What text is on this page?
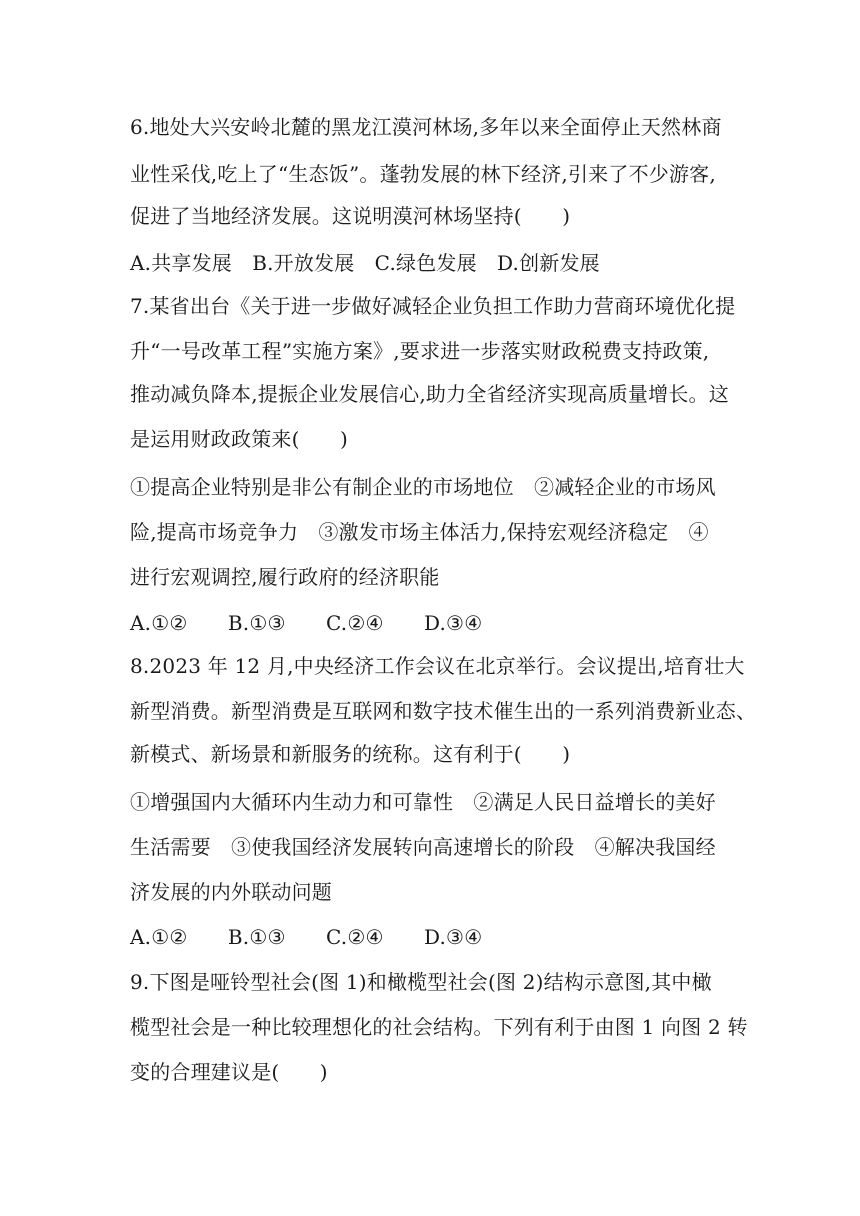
6.地处大兴安岭北麓的黑龙江漠河林场,多年以来全面停止天然林商
业性采伐,吃上了“生态饭”。蓬勃发展的林下经济,引来了不少游客,
促进了当地经济发展。这说明漠河林场坚持(　　)
A.共享发展　B.开放发展　C.绿色发展　D.创新发展
7.某省出台《关于进一步做好减轻企业负担工作助力营商环境优化提
升“一号改革工程”实施方案》,要求进一步落实财政税费支持政策,
推动减负降本,提振企业发展信心,助力全省经济实现高质量增长。这
是运用财政政策来(　　)
①提高企业特别是非公有制企业的市场地位　②减轻企业的市场风
险,提高市场竞争力　③激发市场主体活力,保持宏观经济稳定　④
进行宏观调控,履行政府的经济职能
A.①②　　B.①③　　C.②④　　D.③④
8.2023 年 12 月,中央经济工作会议在北京举行。会议提出,培育壮大
新型消费。新型消费是互联网和数字技术催生出的一系列消费新业态、
新模式、新场景和新服务的统称。这有利于(　　)
①增强国内大循环内生动力和可靠性　②满足人民日益增长的美好
生活需要　③使我国经济发展转向高速增长的阶段　④解决我国经
济发展的内外联动问题
A.①②　　B.①③　　C.②④　　D.③④
9.下图是哑铃型社会(图 1)和橄榄型社会(图 2)结构示意图,其中橄
榄型社会是一种比较理想化的社会结构。下列有利于由图 1 向图 2 转
变的合理建议是(　　)
